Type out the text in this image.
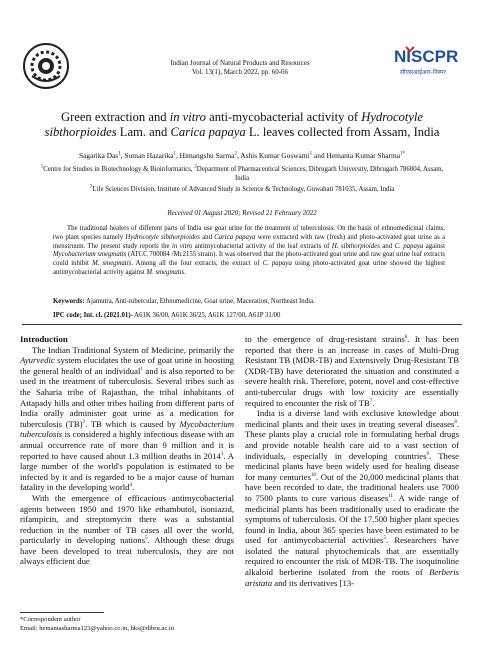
Indian Journal of Natural Products and Resources
Vol. 13(1), March 2022, pp. 60-66
NISCPR
सीएसआईआर-निस्पर
Green extraction and in vitro anti-mycobacterial activity of Hydrocotyle sibthorpioides Lam. and Carica papaya L. leaves collected from Assam, India
Sagarika Das$^1$, Suman Hazarika$^1$, Himangshu Sarma$^2$, Ashis Kumar Goswami$^1$ and Hemanta Kumar Sharma$^{1*}$
$^1$Centre for Studies in Biotechnology & Bioinformatics, $^2$Department of Pharmaceutical Sciences, Dibrugarh University, Dibrugarh 786004, Assam, India
$^3$Life Sciences Division, Institute of Advanced Study in Science & Technology, Guwahati 781035, Assam, India
Received 01 August 2020; Revised 21 February 2022
The traditional healers of different parts of India use goat urine for the treatment of tuberculosis. On the basis of ethnomedicinal claims, two plant species namely Hydrocotyle sibthorpioides and Carica papaya were extracted with raw (fresh) and photo-activated goat urine as a menstruum. The present study reports the in vitro antimycobacterial activity of the leaf extracts of H. sibthorpioides and C. papaya against Mycobacterium smegmatis (ATCC 700084 /Mc2155 strain). It was observed that the photo-activated goat urine and raw goat urine leaf extracts could inhibit M. smegmatis. Among all the four extracts, the extract of C. papaya using photo-activated goat urine showed the highest antimycobacterial activity against M. smegmatis.
Keywords: Ajamutra, Anti-tubercular, Ethnomedicine, Goat urine, Maceration, Northeast India.
IPC code; Int. cl. (2021.01)- A61K 36/00, A61K 36/25, A61K 127/00, A61P 31/00
Introduction

The Indian Traditional System of Medicine, primarily the Ayurvedic system elucidates the use of goat urine in boosting the general health of an individual$^1$ and is also reported to be used in the treatment of tuberculosis. Several tribes such as the Saharia tribe of Rajasthan, the tribal inhabitants of Attapady hills and other tribes hailing from different parts of India orally administer goat urine as a medication for tuberculosis (TB)$^2$. TB which is caused by Mycobacterium tuberculosis is considered a highly infectious disease with an annual occurrence rate of more than 9 million and it is reported to have caused about 1.3 million deaths in 2014$^3$. A large number of the world's population is estimated to be infected by it and is regarded to be a major cause of human fatality in the developing world$^4$.

With the emergence of efficacious antimycobacterial agents between 1950 and 1970 like ethambutol, isoniazid, rifampicin, and streptomycin there was a substantial reduction in the number of TB cases all over the world, particularly in developing nations$^5$. Although these drugs have been developed to treat tuberculosis, they are not always efficient due

to the emergence of drug-resistant strains$^6$. It has been reported that there is an increase in cases of Multi-Drug Resistant TB (MDR-TB) and Extensively Drug-Resistant TB (XDR-TB) have deteriorated the situation and constituted a severe health risk. Therefore, potent, novel and cost-effective anti-tubercular drugs with low toxicity are essentially required to encounter the risk of $TB^7$.

India is a diverse land with exclusive knowledge about medicinal plants and their uses in treating several diseases$^8$. These plants play a crucial role in formulating herbal drugs and provide notable health care aid to a vast section of individuals, especially in developing countries$^9$. These medicinal plants have been widely used for healing disease for many centuries$^{10}$. Out of the 20,000 medicinal plants that have been recorded to date, the traditional healers use 7000 to 7500 plants to cure various diseases$^{11}$. A wide range of medicinal plants has been traditionally used to eradicate the symptoms of tuberculosis. Of the 17,500 higher plant species found in India, about 365 species have been estimated to be used for antimycobacterial activities$^5$. Researchers have isolated the natural phytochemicals that are essentially required to encounter the risk of MDR-TB. The isoquinoline alkaloid berberine isolated from the roots of Berberis aristata and its derivatives [13-

*Correspondent author
Email: hemantasharma123@yahoo.co.in, hks@dibru.ac.in
